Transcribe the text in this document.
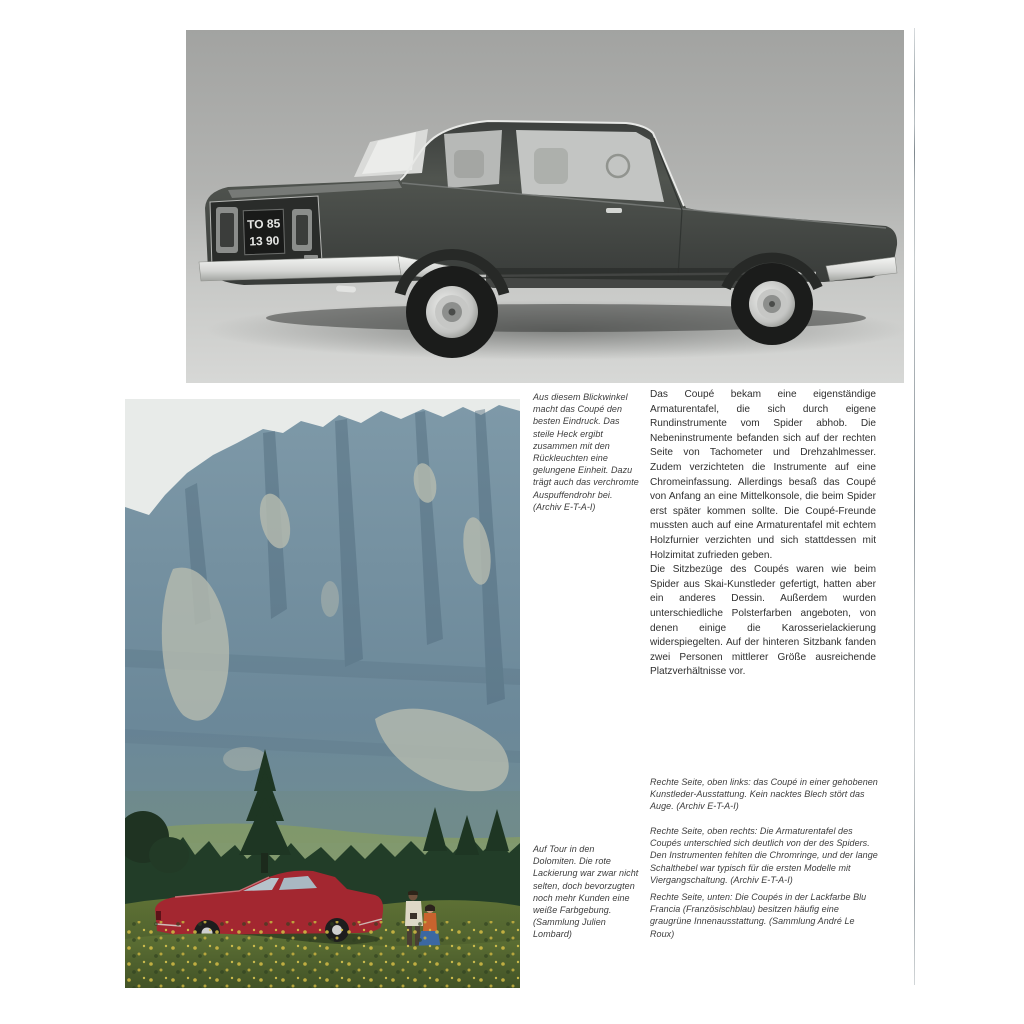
TO 85
13 90
Aus diesem Blickwinkel macht das Coupé den besten Eindruck. Das steile Heck ergibt zusammen mit den Rückleuchten eine gelungene Einheit. Dazu trägt auch das verchromte Auspuffendrohr bei. (Archiv E-T-A-I)

Das Coupé bekam eine eigenständige Armaturentafel, die sich durch eigene Rundinstrumente vom Spider abhob. Die Nebeninstrumente befanden sich auf der rechten Seite von Tachometer und Drehzahlmesser. Zudem verzichteten die Instrumente auf eine Chromeinfassung. Allerdings besaß das Coupé von Anfang an eine Mittelkonsole, die beim Spider erst später kommen sollte. Die Coupé-Freunde mussten auch auf eine Armaturentafel mit echtem Holzfurnier verzichten und sich stattdessen mit Holzimitat zufrieden geben.

Die Sitzbezüge des Coupés waren wie beim Spider aus Skai-Kunstleder gefertigt, hatten aber ein anderes Dessin. Außerdem wurden unterschiedliche Polsterfarben angeboten, von denen einige die Karosserielackierung widerspiegelten. Auf der hinteren Sitzbank fanden zwei Personen mittlerer Größe ausreichende Platzverhältnisse vor.

Auf Tour in den Dolomiten. Die rote Lackierung war zwar nicht selten, doch bevorzugten noch mehr Kunden eine weiße Farbgebung. (Sammlung Julien Lombard)
Rechte Seite, oben links: das Coupé in einer gehobenen Kunstleder-Ausstattung. Kein nacktes Blech stört das Auge. (Archiv E-T-A-I)
Rechte Seite, oben rechts: Die Armaturentafel des Coupés unterschied sich deutlich von der des Spiders. Den Instrumenten fehlten die Chromringe, und der lange Schalthebel war typisch für die ersten Modelle mit Viergangschaltung. (Archiv E-T-A-I)
Rechte Seite, unten: Die Coupés in der Lackfarbe Blu Francia (Französischblau) besitzen häufig eine graugrüne Innenausstattung. (Sammlung André Le Roux)
